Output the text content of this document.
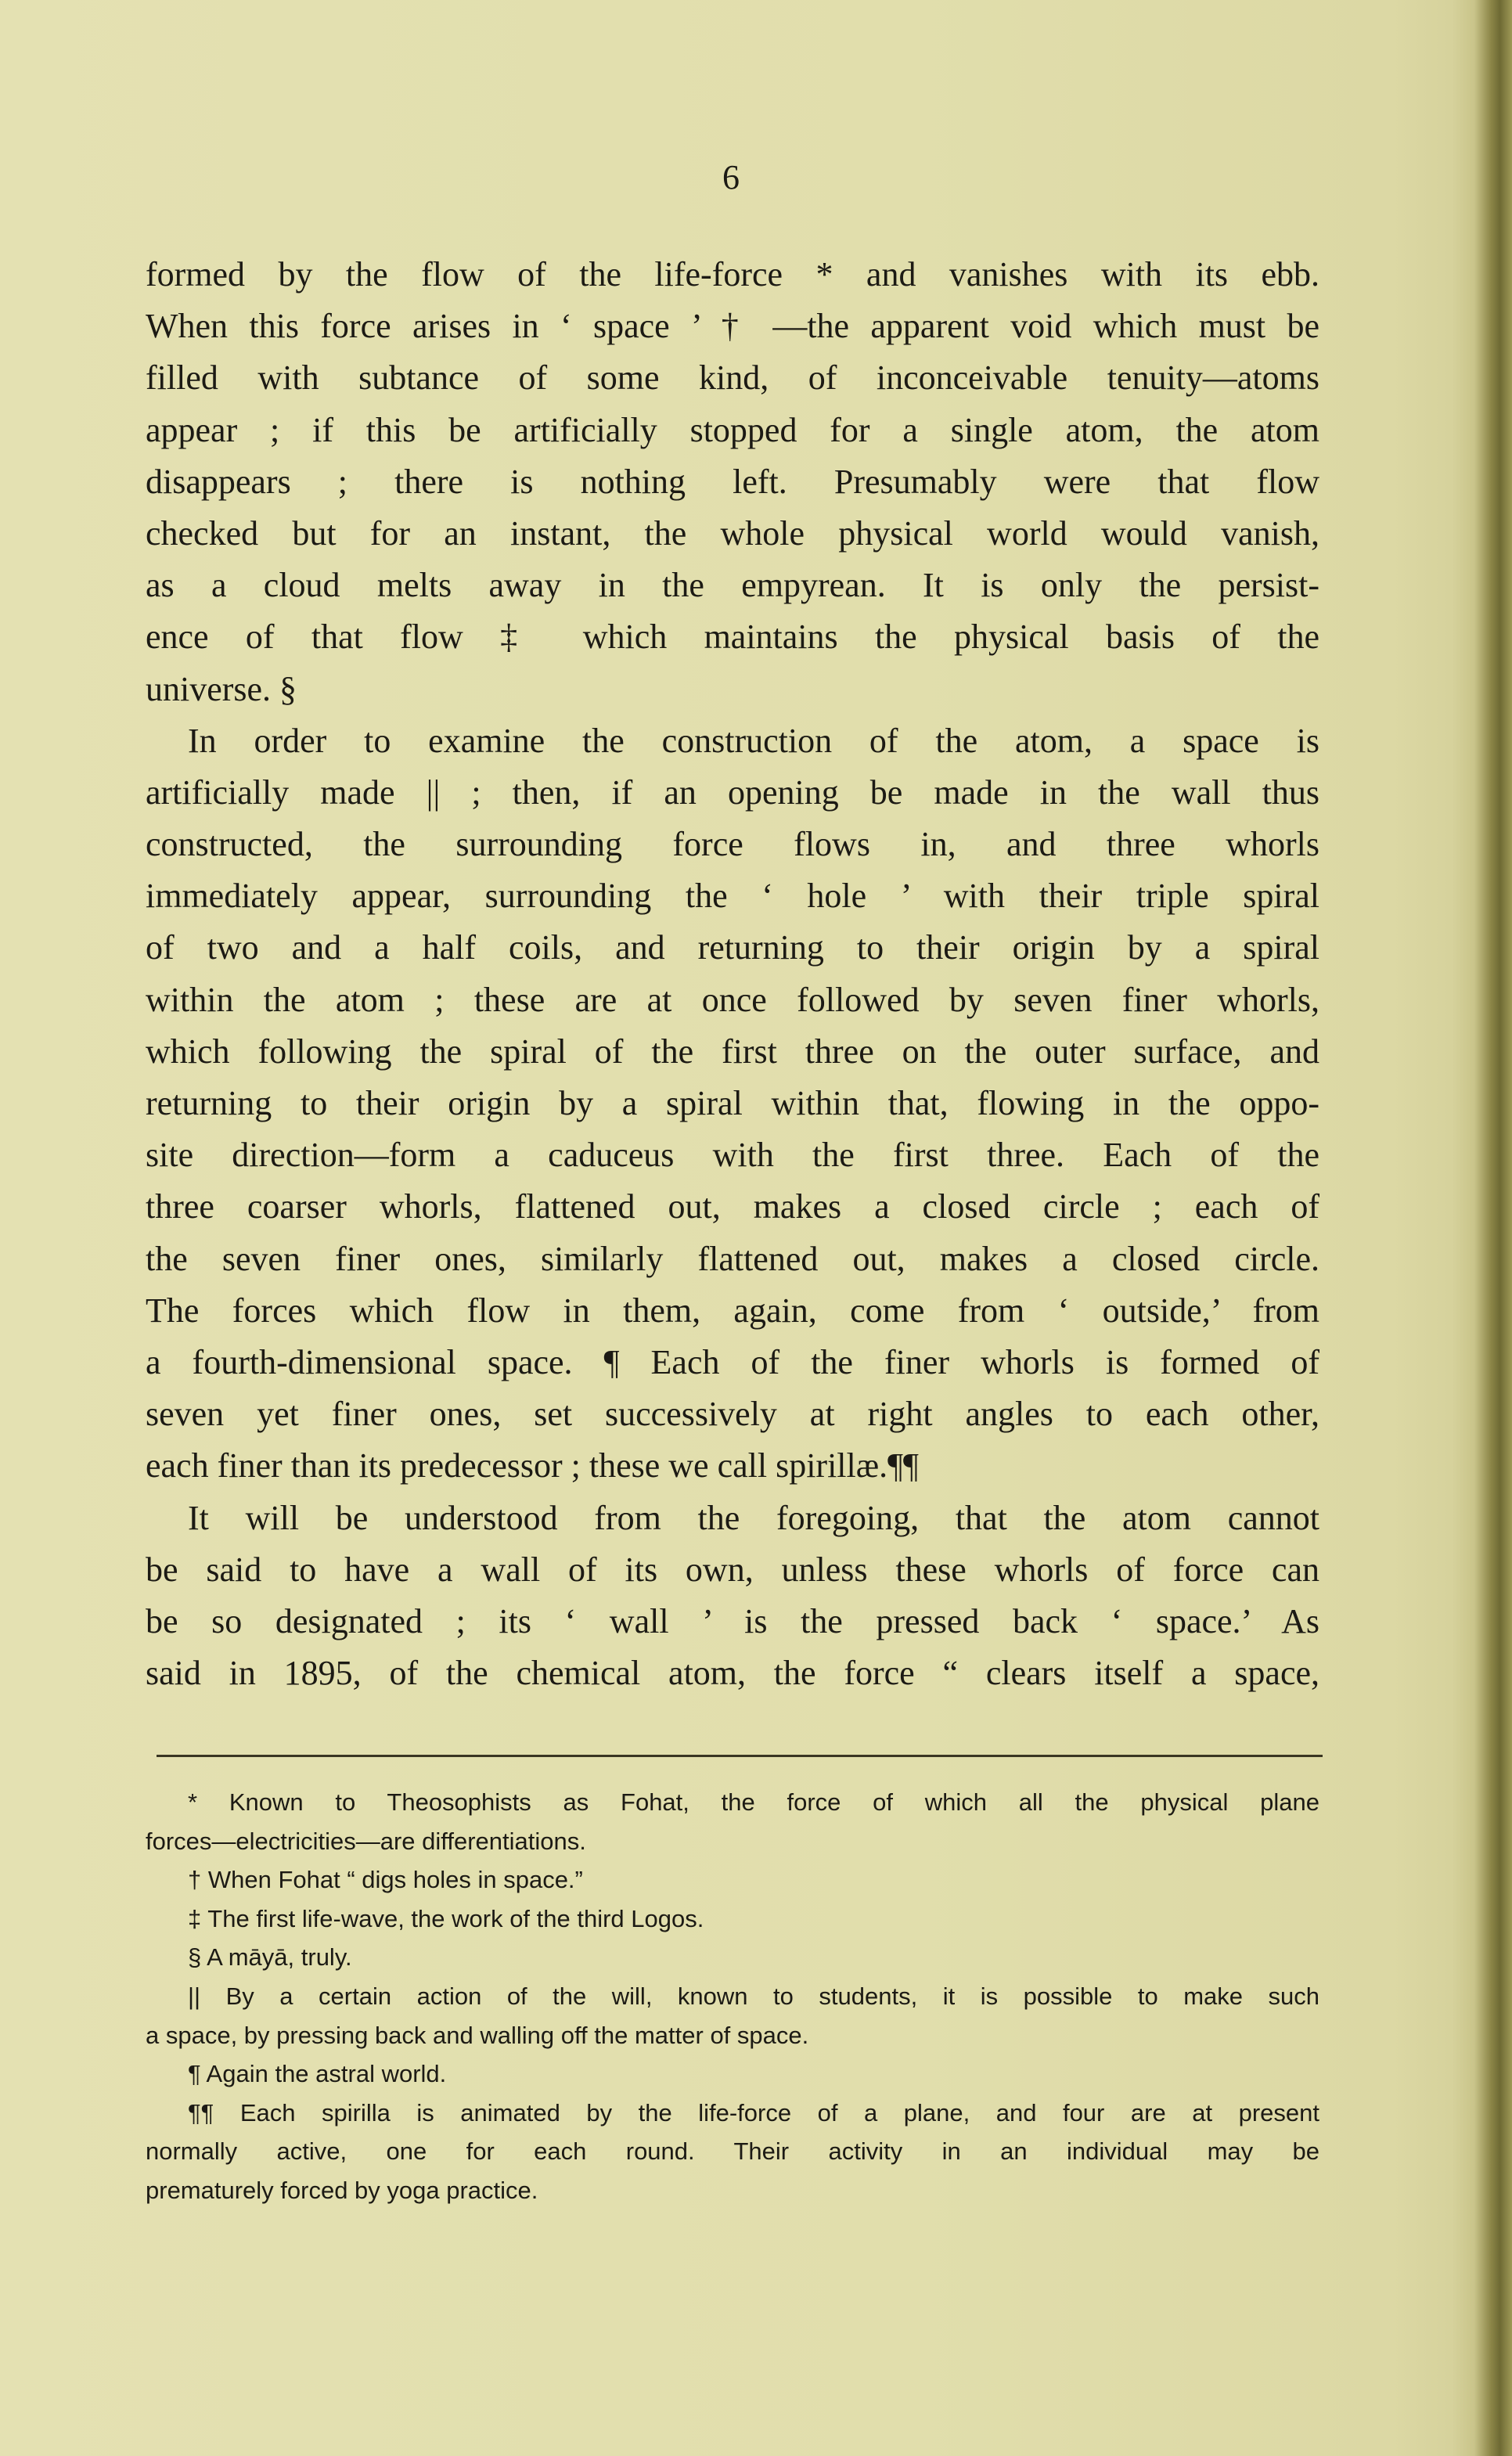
6
formed by the flow of the life-force * and vanishes with its ebb.
When this force arises in ‘ space ’ † —the apparent void which must be
filled with subtance of some kind, of inconceivable tenuity—atoms
appear ; if this be artificially stopped for a single atom, the atom
disappears ; there is nothing left. Presumably were that flow
checked but for an instant, the whole physical world would vanish,
as a cloud melts away in the empyrean. It is only the persist-
ence of that flow ‡ which maintains the physical basis of the
universe. §
In order to examine the construction of the atom, a space is
artificially made || ; then, if an opening be made in the wall thus
constructed, the surrounding force flows in, and three whorls
immediately appear, surrounding the ‘ hole ’ with their triple spiral
of two and a half coils, and returning to their origin by a spiral
within the atom ; these are at once followed by seven finer whorls,
which following the spiral of the first three on the outer surface, and
returning to their origin by a spiral within that, flowing in the oppo-
site direction—form a caduceus with the first three. Each of the
three coarser whorls, flattened out, makes a closed circle ; each of
the seven finer ones, similarly flattened out, makes a closed circle.
The forces which flow in them, again, come from ‘ outside,’ from
a fourth-dimensional space. ¶ Each of the finer whorls is formed of
seven yet finer ones, set successively at right angles to each other,
each finer than its predecessor ; these we call spirillæ.¶¶
It will be understood from the foregoing, that the atom cannot
be said to have a wall of its own, unless these whorls of force can
be so designated ; its ‘ wall ’ is the pressed back ‘ space.’ As
said in 1895, of the chemical atom, the force “ clears itself a space,
* Known to Theosophists as Fohat, the force of which all the physical plane
forces—electricities—are differentiations.
† When Fohat “ digs holes in space.”
‡ The first life-wave, the work of the third Logos.
§ A māyā, truly.
|| By a certain action of the will, known to students, it is possible to make such
a space, by pressing back and walling off the matter of space.
¶ Again the astral world.
¶¶ Each spirilla is animated by the life-force of a plane, and four are at present
normally active, one for each round. Their activity in an individual may be
prematurely forced by yoga practice.
